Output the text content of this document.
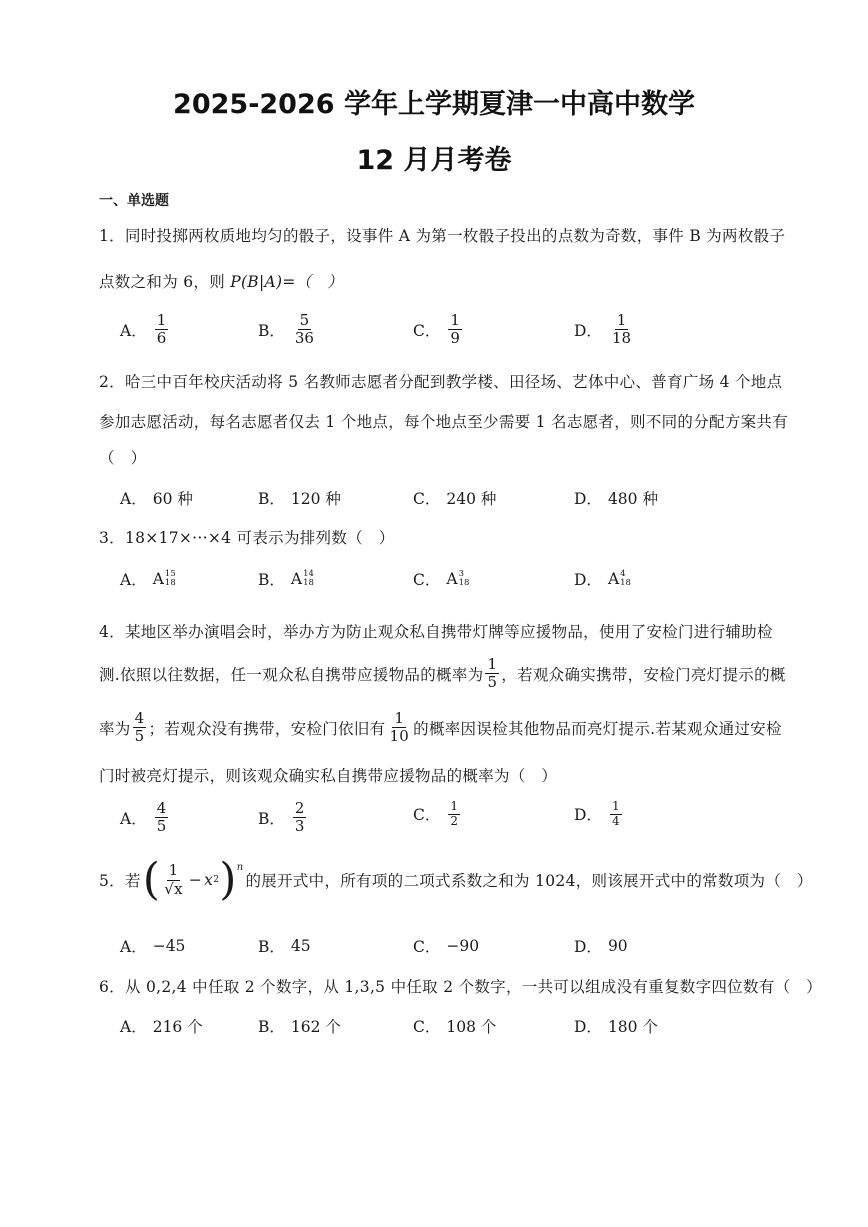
2025-2026 学年上学期夏津一中高中数学
12 月月考卷
一、单选题
1．同时投掷两枚质地均匀的骰子，设事件 A 为第一枚骰子投出的点数为奇数，事件 B 为两枚骰子
点数之和为 6，则 P(B|A)=（　）
A． $\frac{1}{6}$	B． $\frac{5}{36}$	C． $\frac{1}{9}$	D． $\frac{1}{18}$
2．哈三中百年校庆活动将 5 名教师志愿者分配到教学楼、田径场、艺体中心、普育广场 4 个地点
参加志愿活动，每名志愿者仅去 1 个地点，每个地点至少需要 1 名志愿者，则不同的分配方案共有
（　）
A． 60 种	B． 120 种	C． 240 种	D． 480 种
3．18×17×···×4 可表示为排列数（　）
A． A 15
18	B． A 14
18	C． A 3
18	D． A 4
18
4．某地区举办演唱会时，举办方为防止观众私自携带灯牌等应援物品，使用了安检门进行辅助检
测.依照以往数据，任一观众私自携带应援物品的概率为 $\frac{1}{5}$ ，若观众确实携带，安检门亮灯提示的概
率为 $\frac{4}{5}$ ；若观众没有携带，安检门依旧有 $\frac{1}{10}$ 的概率因误检其他物品而亮灯提示.若某观众通过安检
门时被亮灯提示，则该观众确实私自携带应援物品的概率为（　）
A． $\frac{4}{5}$	B． $\frac{2}{3}$	C． $\frac{1}{2}$	D． $\frac{1}{4}$
5．若 ( $\frac{1}{√x} - x$ 2 ) n
的展开式中，所有项的二项式系数之和为 1024，则该展开式中的常数项为（　）
A． −45	B． 45	C． −90	D． 90
6．从 0,2,4 中任取 2 个数字，从 1,3,5 中任取 2 个数字，一共可以组成没有重复数字四位数有（　）
A． 216 个	B． 162 个	C． 108 个	D． 180 个
